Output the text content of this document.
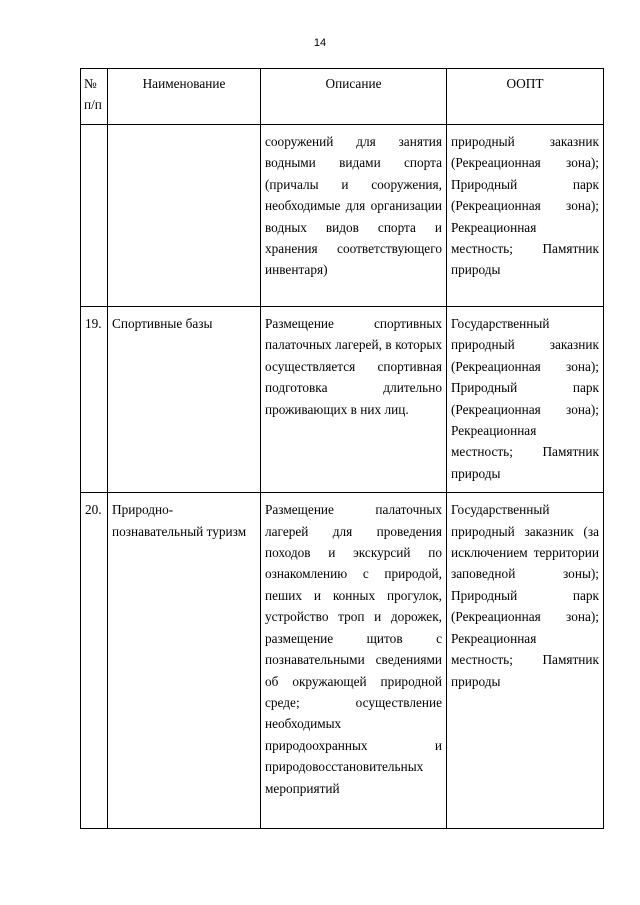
14
№ п/п	Наименование	Описание	ООПТ
		сооружений для занятия водными видами спорта (причалы и сооружения, необходимые для организации водных видов спорта и хранения соответствующего инвентаря)	природный заказник (Рекреационная зона); Природный парк (Рекреационная зона); Рекреационная местность; Памятник природы
19.	Спортивные базы	Размещение спортивных палаточных лагерей, в которых осуществляется спортивная подготовка длительно проживающих в них лиц.	Государственный природный заказник (Рекреационная зона); Природный парк (Рекреационная зона); Рекреационная местность; Памятник природы
20.	Природно-познавательный туризм	Размещение палаточных лагерей для проведения походов и экскурсий по ознакомлению с природой, пеших и конных прогулок, устройство троп и дорожек, размещение щитов с познавательными сведениями об окружающей природной среде; осуществление необходимых природоохранных и природовосстановительных мероприятий	Государственный природный заказник (за исключением территории заповедной зоны); Природный парк (Рекреационная зона); Рекреационная местность; Памятник природы
